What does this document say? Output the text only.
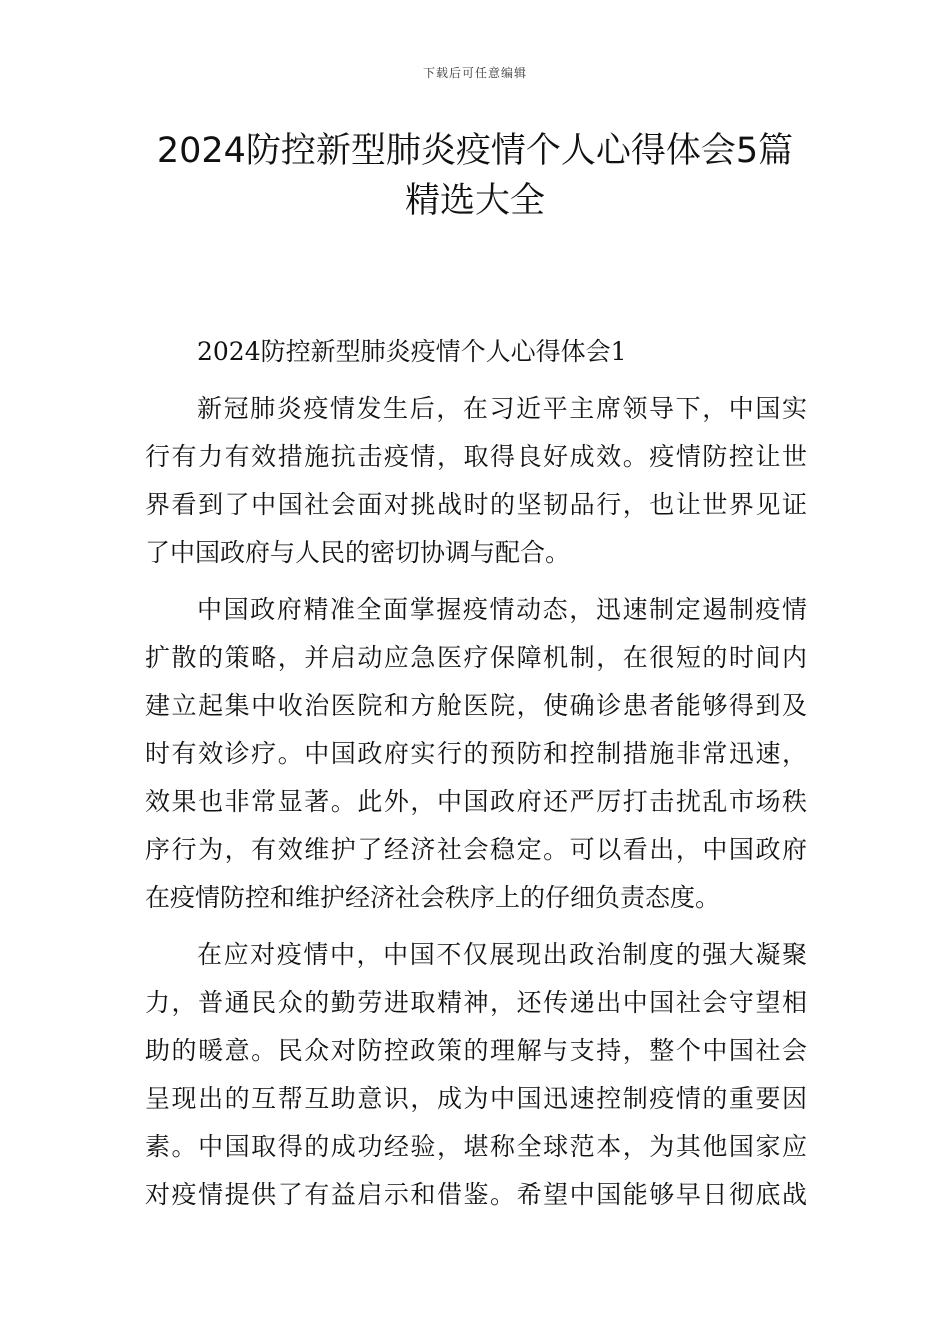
下载后可任意编辑
2024防控新型肺炎疫情个人心得体会5篇
精选大全
2024防控新型肺炎疫情个人心得体会1
新冠肺炎疫情发生后，在习近平主席领导下，中国实
行有力有效措施抗击疫情，取得良好成效。疫情防控让世
界看到了中国社会面对挑战时的坚韧品行，也让世界见证
了中国政府与人民的密切协调与配合。
中国政府精准全面掌握疫情动态，迅速制定遏制疫情
扩散的策略，并启动应急医疗保障机制，在很短的时间内
建立起集中收治医院和方舱医院，使确诊患者能够得到及
时有效诊疗。中国政府实行的预防和控制措施非常迅速，
效果也非常显著。此外，中国政府还严厉打击扰乱市场秩
序行为，有效维护了经济社会稳定。可以看出，中国政府
在疫情防控和维护经济社会秩序上的仔细负责态度。
在应对疫情中，中国不仅展现出政治制度的强大凝聚
力，普通民众的勤劳进取精神，还传递出中国社会守望相
助的暖意。民众对防控政策的理解与支持，整个中国社会
呈现出的互帮互助意识，成为中国迅速控制疫情的重要因
素。中国取得的成功经验，堪称全球范本，为其他国家应
对疫情提供了有益启示和借鉴。希望中国能够早日彻底战
